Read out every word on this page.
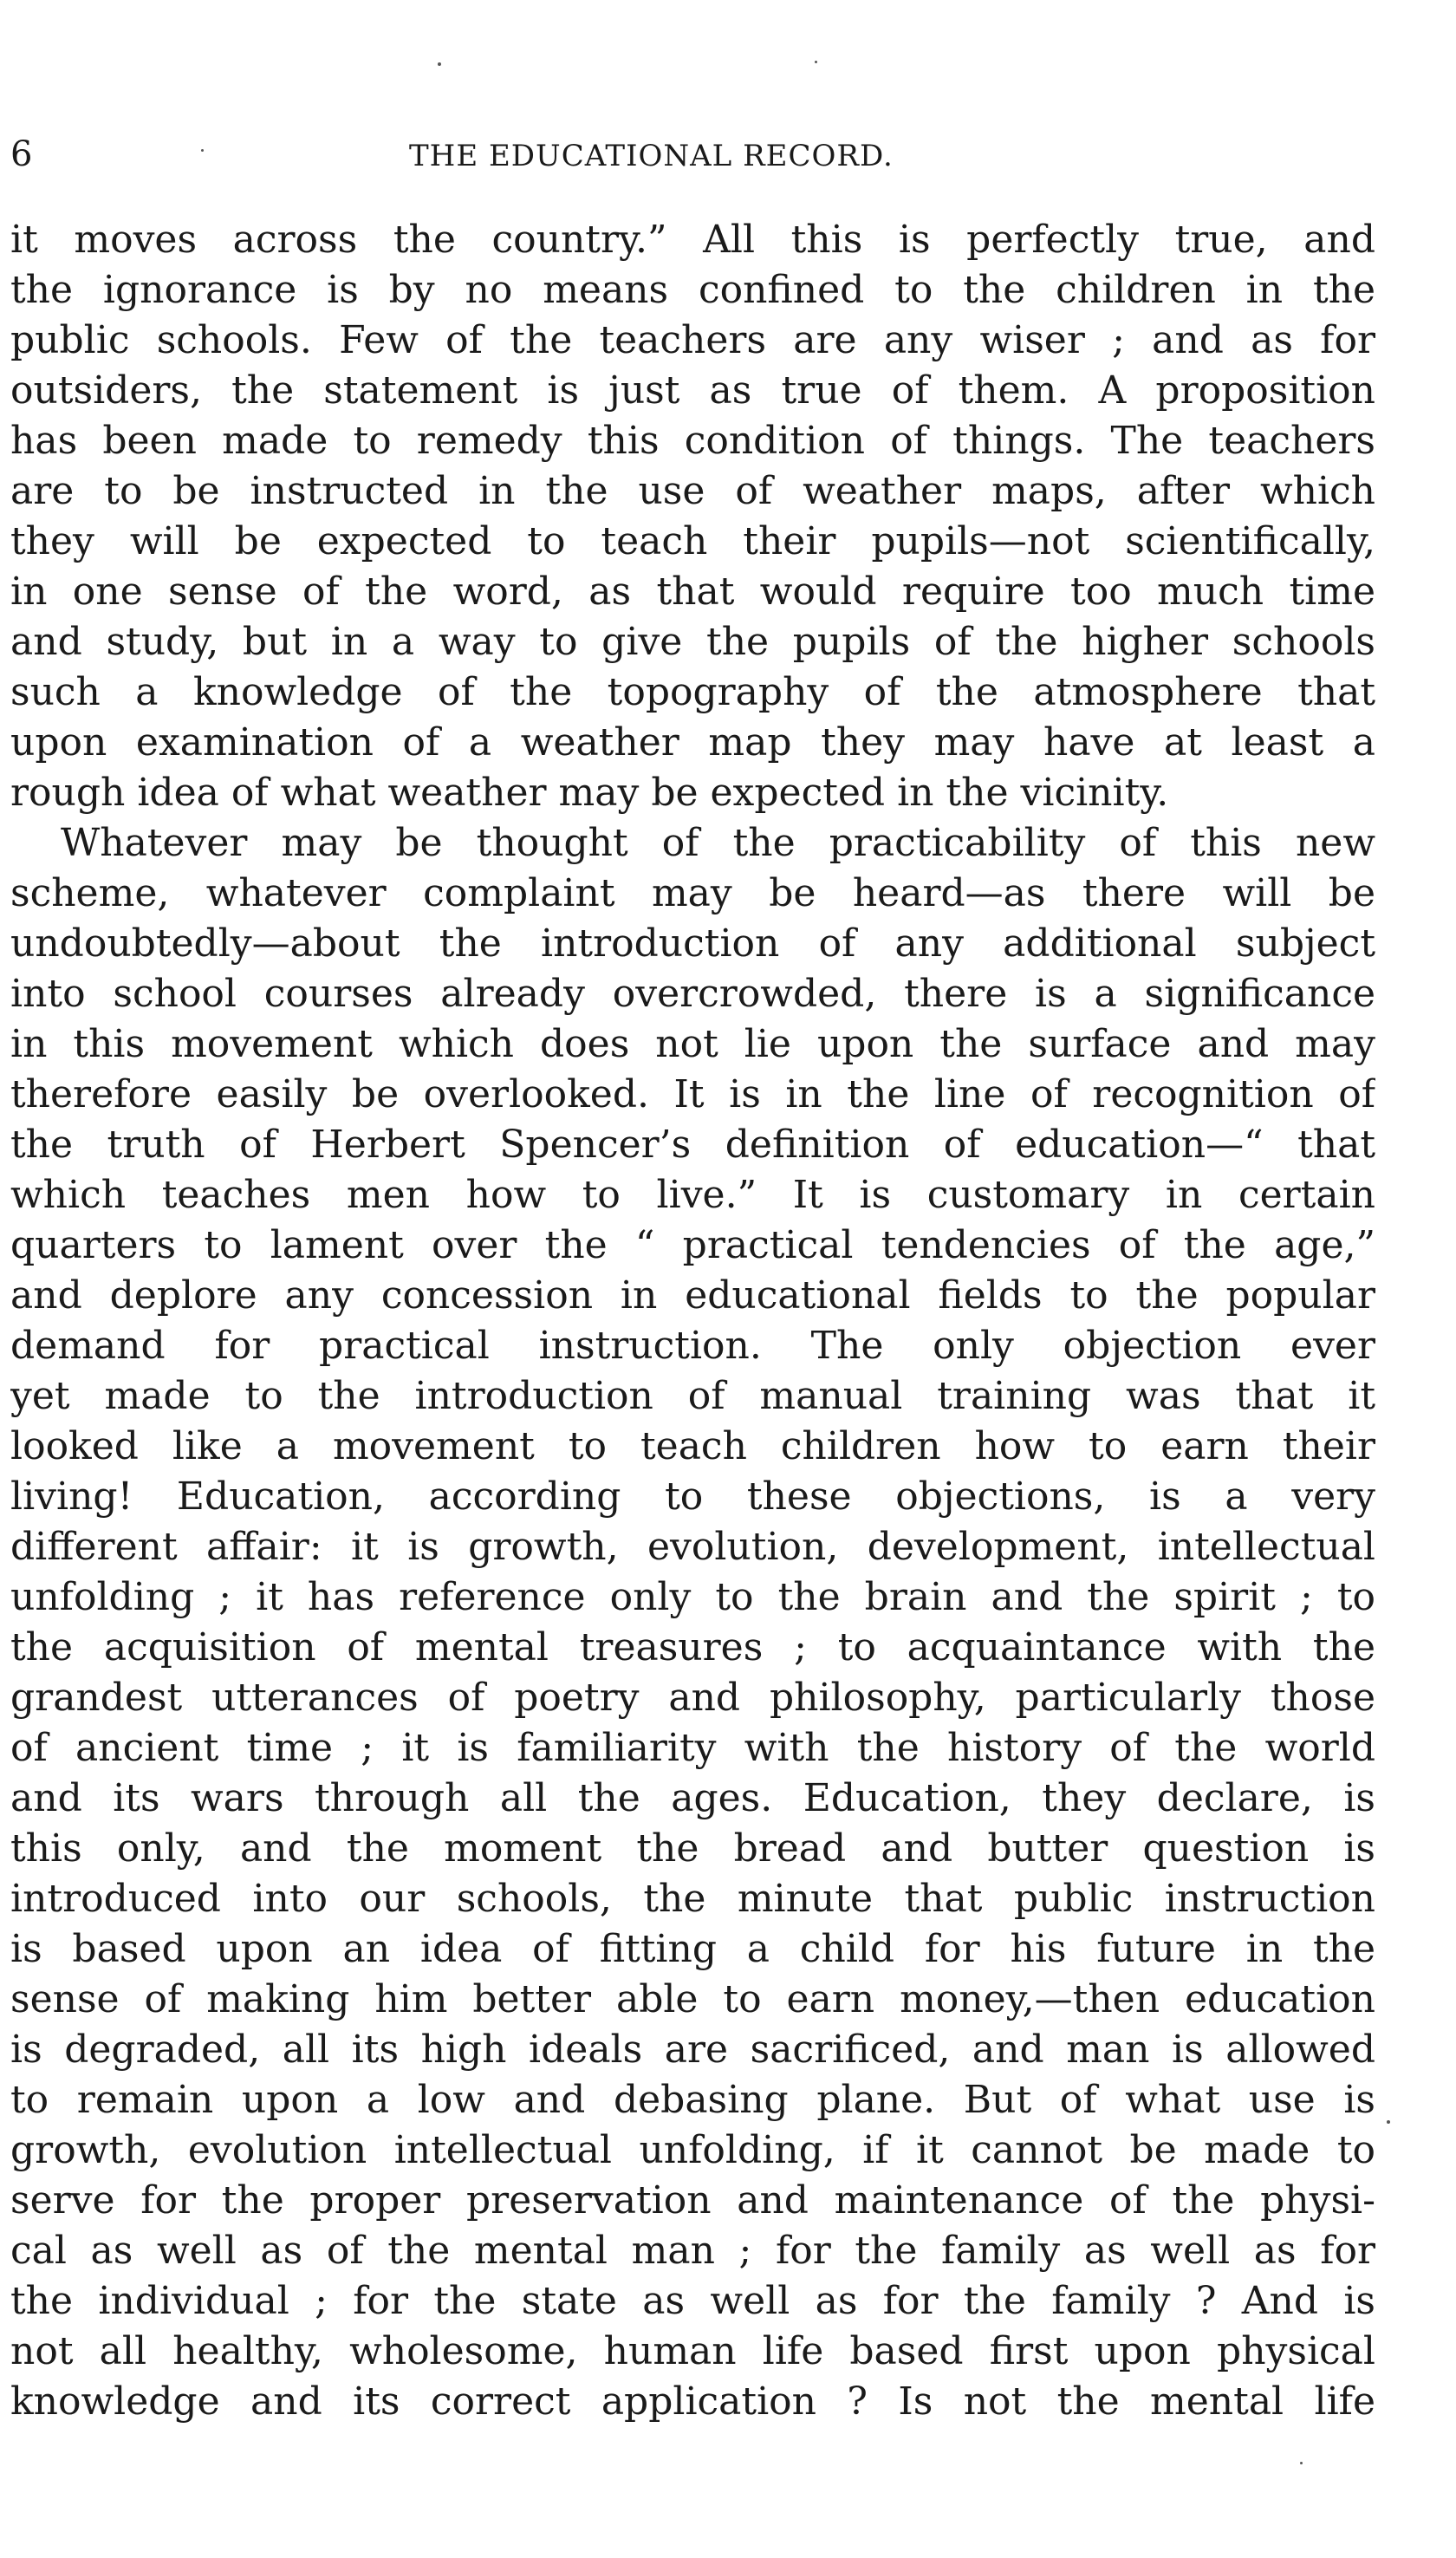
6	THE EDUCATIONAL RECORD.
it moves across the country.” All this is perfectly true, and
the ignorance is by no means confined to the children in the
public schools. Few of the teachers are any wiser ; and as for
outsiders, the statement is just as true of them. A proposition
has been made to remedy this condition of things. The teachers
are to be instructed in the use of weather maps, after which
they will be expected to teach their pupils—not scientifically,
in one sense of the word, as that would require too much time
and study, but in a way to give the pupils of the higher schools
such a knowledge of the topography of the atmosphere that
upon examination of a weather map they may have at least a
rough idea of what weather may be expected in the vicinity.
Whatever may be thought of the practicability of this new
scheme, whatever complaint may be heard—as there will be
undoubtedly—about the introduction of any additional subject
into school courses already overcrowded, there is a significance
in this movement which does not lie upon the surface and may
therefore easily be overlooked. It is in the line of recognition of
the truth of Herbert Spencer’s definition of education—“ that
which teaches men how to live.” It is customary in certain
quarters to lament over the “ practical tendencies of the age,”
and deplore any concession in educational fields to the popular
demand for practical instruction. The only objection ever
yet made to the introduction of manual training was that it
looked like a movement to teach children how to earn their
living! Education, according to these objections, is a very
different affair: it is growth, evolution, development, intellectual
unfolding ; it has reference only to the brain and the spirit ; to
the acquisition of mental treasures ; to acquaintance with the
grandest utterances of poetry and philosophy, particularly those
of ancient time ; it is familiarity with the history of the world
and its wars through all the ages. Education, they declare, is
this only, and the moment the bread and butter question is
introduced into our schools, the minute that public instruction
is based upon an idea of fitting a child for his future in the
sense of making him better able to earn money,—then education
is degraded, all its high ideals are sacrificed, and man is allowed
to remain upon a low and debasing plane. But of what use is
growth, evolution intellectual unfolding, if it cannot be made to
serve for the proper preservation and maintenance of the physi-
cal as well as of the mental man ; for the family as well as for
the individual ; for the state as well as for the family ? And is
not all healthy, wholesome, human life based first upon physical
knowledge and its correct application ? Is not the mental life
